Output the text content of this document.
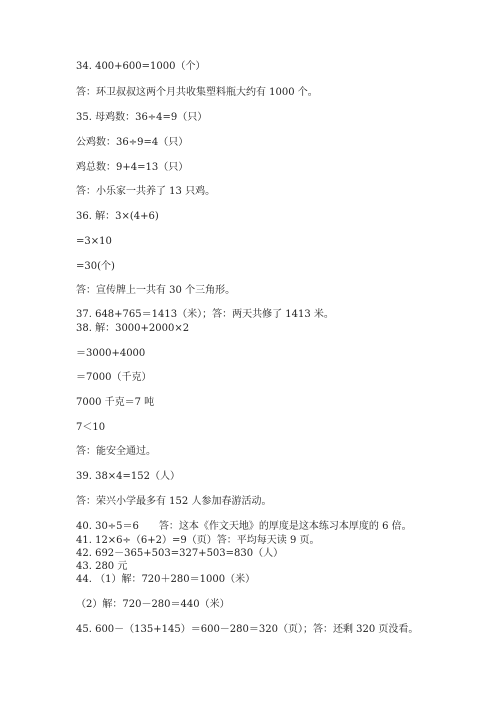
34. 400+600=1000（个）
答：环卫叔叔这两个月共收集塑料瓶大约有 1000 个。
35. 母鸡数：36÷4=9（只）
公鸡数：36÷9=4（只）
鸡总数：9+4=13（只）
答：小乐家一共养了 13 只鸡。
36. 解：3×(4+6)
=3×10
=30(个)
答：宣传牌上一共有 30 个三角形。
37. 648+765＝1413（米）；答：两天共修了 1413 米。
38. 解：3000+2000×2
＝3000+4000
＝7000（千克）
7000 千克＝7 吨
7＜10
答：能安全通过。
39. 38×4=152（人）
答：荣兴小学最多有 152 人参加春游活动。
40. 30÷5＝6　　答：这本《作文天地》的厚度是这本练习本厚度的 6 倍。
41. 12×6÷（6+2）=9（页）答：平均每天读 9 页。
42. 692－365+503=327+503=830（人）
43. 280 元
44. （1）解：720＋280＝1000（米）
（2）解：720－280＝440（米）
45. 600－（135+145）＝600－280＝320（页）；答：还剩 320 页没看。
